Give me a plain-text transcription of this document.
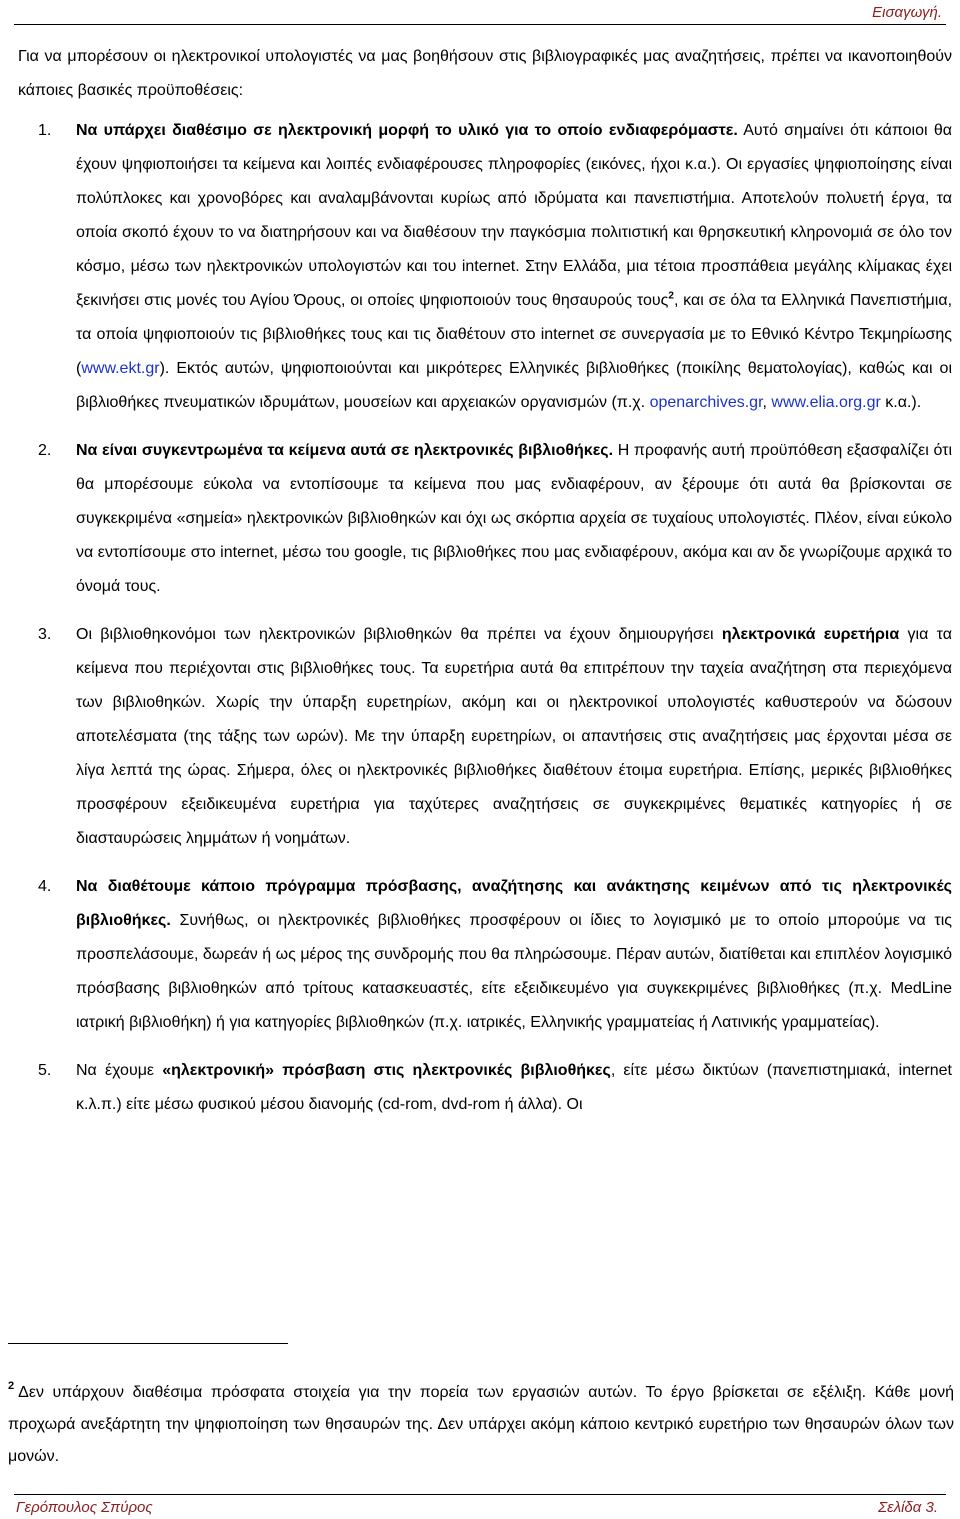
Εισαγωγή.

Για να μπορέσουν οι ηλεκτρονικοί υπολογιστές να μας βοηθήσουν στις βιβλιογραφικές μας αναζητήσεις, πρέπει να ικανοποιηθούν κάποιες βασικές προϋποθέσεις:

1. Να υπάρχει διαθέσιμο σε ηλεκτρονική μορφή το υλικό για το οποίο ενδιαφερόμαστε. Αυτό σημαίνει ότι κάποιοι θα έχουν ψηφιοποιήσει τα κείμενα και λοιπές ενδιαφέρουσες πληροφορίες (εικόνες, ήχοι κ.α.). Οι εργασίες ψηφιοποίησης είναι πολύπλοκες και χρονοβόρες και αναλαμβάνονται κυρίως από ιδρύματα και πανεπιστήμια. Αποτελούν πολυετή έργα, τα οποία σκοπό έχουν το να διατηρήσουν και να διαθέσουν την παγκόσμια πολιτιστική και θρησκευτική κληρονομιά σε όλο τον κόσμο, μέσω των ηλεκτρονικών υπολογιστών και του internet. Στην Ελλάδα, μια τέτοια προσπάθεια μεγάλης κλίμακας έχει ξεκινήσει στις μονές του Αγίου Όρους, οι οποίες ψηφιοποιούν τους θησαυρούς τους$^2$, και σε όλα τα Ελληνικά Πανεπιστήμια, τα οποία ψηφιοποιούν τις βιβλιοθήκες τους και τις διαθέτουν στο internet σε συνεργασία με το Εθνικό Κέντρο Τεκμηρίωσης (www.ekt.gr). Εκτός αυτών, ψηφιοποιούνται και μικρότερες Ελληνικές βιβλιοθήκες (ποικίλης θεματολογίας), καθώς και οι βιβλιοθήκες πνευματικών ιδρυμάτων, μουσείων και αρχειακών οργανισμών (π.χ. openarchives.gr, www.elia.org.gr κ.α.).
2. Να είναι συγκεντρωμένα τα κείμενα αυτά σε ηλεκτρονικές βιβλιοθήκες. Η προφανής αυτή προϋπόθεση εξασφαλίζει ότι θα μπορέσουμε εύκολα να εντοπίσουμε τα κείμενα που μας ενδιαφέρουν, αν ξέρουμε ότι αυτά θα βρίσκονται σε συγκεκριμένα «σημεία» ηλεκτρονικών βιβλιοθηκών και όχι ως σκόρπια αρχεία σε τυχαίους υπολογιστές. Πλέον, είναι εύκολο να εντοπίσουμε στο internet, μέσω του google, τις βιβλιοθήκες που μας ενδιαφέρουν, ακόμα και αν δε γνωρίζουμε αρχικά το όνομά τους.
3. Οι βιβλιοθηκονόμοι των ηλεκτρονικών βιβλιοθηκών θα πρέπει να έχουν δημιουργήσει ηλεκτρονικά ευρετήρια για τα κείμενα που περιέχονται στις βιβλιοθήκες τους. Τα ευρετήρια αυτά θα επιτρέπουν την ταχεία αναζήτηση στα περιεχόμενα των βιβλιοθηκών. Χωρίς την ύπαρξη ευρετηρίων, ακόμη και οι ηλεκτρονικοί υπολογιστές καθυστερούν να δώσουν αποτελέσματα (της τάξης των ωρών). Με την ύπαρξη ευρετηρίων, οι απαντήσεις στις αναζητήσεις μας έρχονται μέσα σε λίγα λεπτά της ώρας. Σήμερα, όλες οι ηλεκτρονικές βιβλιοθήκες διαθέτουν έτοιμα ευρετήρια. Επίσης, μερικές βιβλιοθήκες προσφέρουν εξειδικευμένα ευρετήρια για ταχύτερες αναζητήσεις σε συγκεκριμένες θεματικές κατηγορίες ή σε διασταυρώσεις λημμάτων ή νοημάτων.
4. Να διαθέτουμε κάποιο πρόγραμμα πρόσβασης, αναζήτησης και ανάκτησης κειμένων από τις ηλεκτρονικές βιβλιοθήκες. Συνήθως, οι ηλεκτρονικές βιβλιοθήκες προσφέρουν οι ίδιες το λογισμικό με το οποίο μπορούμε να τις προσπελάσουμε, δωρεάν ή ως μέρος της συνδρομής που θα πληρώσουμε. Πέραν αυτών, διατίθεται και επιπλέον λογισμικό πρόσβασης βιβλιοθηκών από τρίτους κατασκευαστές, είτε εξειδικευμένο για συγκεκριμένες βιβλιοθήκες (π.χ. MedLine ιατρική βιβλιοθήκη) ή για κατηγορίες βιβλιοθηκών (π.χ. ιατρικές, Ελληνικής γραμματείας ή Λατινικής γραμματείας).
5. Να έχουμε «ηλεκτρονική» πρόσβαση στις ηλεκτρονικές βιβλιοθήκες, είτε μέσω δικτύων (πανεπιστημιακά, internet κ.λ.π.) είτε μέσω φυσικού μέσου διανομής (cd-rom, dvd-rom ή άλλα). Οι
$^2$ Δεν υπάρχουν διαθέσιμα πρόσφατα στοιχεία για την πορεία των εργασιών αυτών. Το έργο βρίσκεται σε εξέλιξη. Κάθε μονή προχωρά ανεξάρτητη την ψηφιοποίηση των θησαυρών της. Δεν υπάρχει ακόμη κάποιο κεντρικό ευρετήριο των θησαυρών όλων των μονών.
Γερόπουλος Σπύρος	Σελίδα 3.
